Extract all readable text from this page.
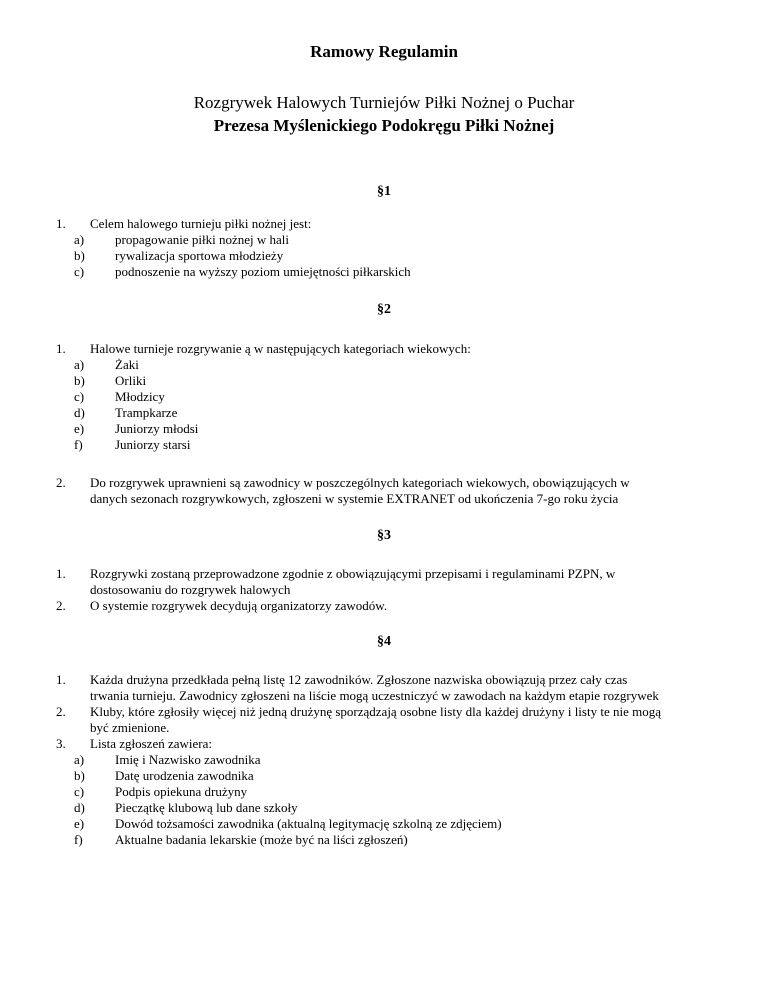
Ramowy Regulamin
Rozgrywek Halowych Turniejów Piłki Nożnej o Puchar
Prezesa Myślenickiego Podokręgu Piłki Nożnej
§1
1. Celem halowego turnieju piłki nożnej jest:
a) propagowanie piłki nożnej w hali
b) rywalizacja sportowa młodzieży
c) podnoszenie na wyższy poziom umiejętności piłkarskich
§2
1. Halowe turnieje rozgrywanie ą w następujących kategoriach wiekowych:
a) Żaki
b) Orliki
c) Młodzicy
d) Trampkarze
e) Juniorzy młodsi
f) Juniorzy starsi
2. Do rozgrywek uprawnieni są zawodnicy w poszczególnych kategoriach wiekowych, obowiązujących w
danych sezonach rozgrywkowych, zgłoszeni w systemie EXTRANET od ukończenia 7-go roku życia
§3
1. Rozgrywki zostaną przeprowadzone zgodnie z obowiązującymi przepisami i regulaminami PZPN, w
dostosowaniu do rozgrywek halowych
2. O systemie rozgrywek decydują organizatorzy zawodów.
§4
1. Każda drużyna przedkłada pełną listę 12 zawodników. Zgłoszone nazwiska obowiązują przez cały czas
trwania turnieju. Zawodnicy zgłoszeni na liście mogą uczestniczyć w zawodach na każdym etapie rozgrywek
2. Kluby, które zgłosiły więcej niż jedną drużynę sporządzają osobne listy dla każdej drużyny i listy te nie mogą
być zmienione.
3. Lista zgłoszeń zawiera:
a) Imię i Nazwisko zawodnika
b) Datę urodzenia zawodnika
c) Podpis opiekuna drużyny
d) Pieczątkę klubową lub dane szkoły
e) Dowód tożsamości zawodnika (aktualną legitymację szkolną ze zdjęciem)
f) Aktualne badania lekarskie (może być na liści zgłoszeń)
